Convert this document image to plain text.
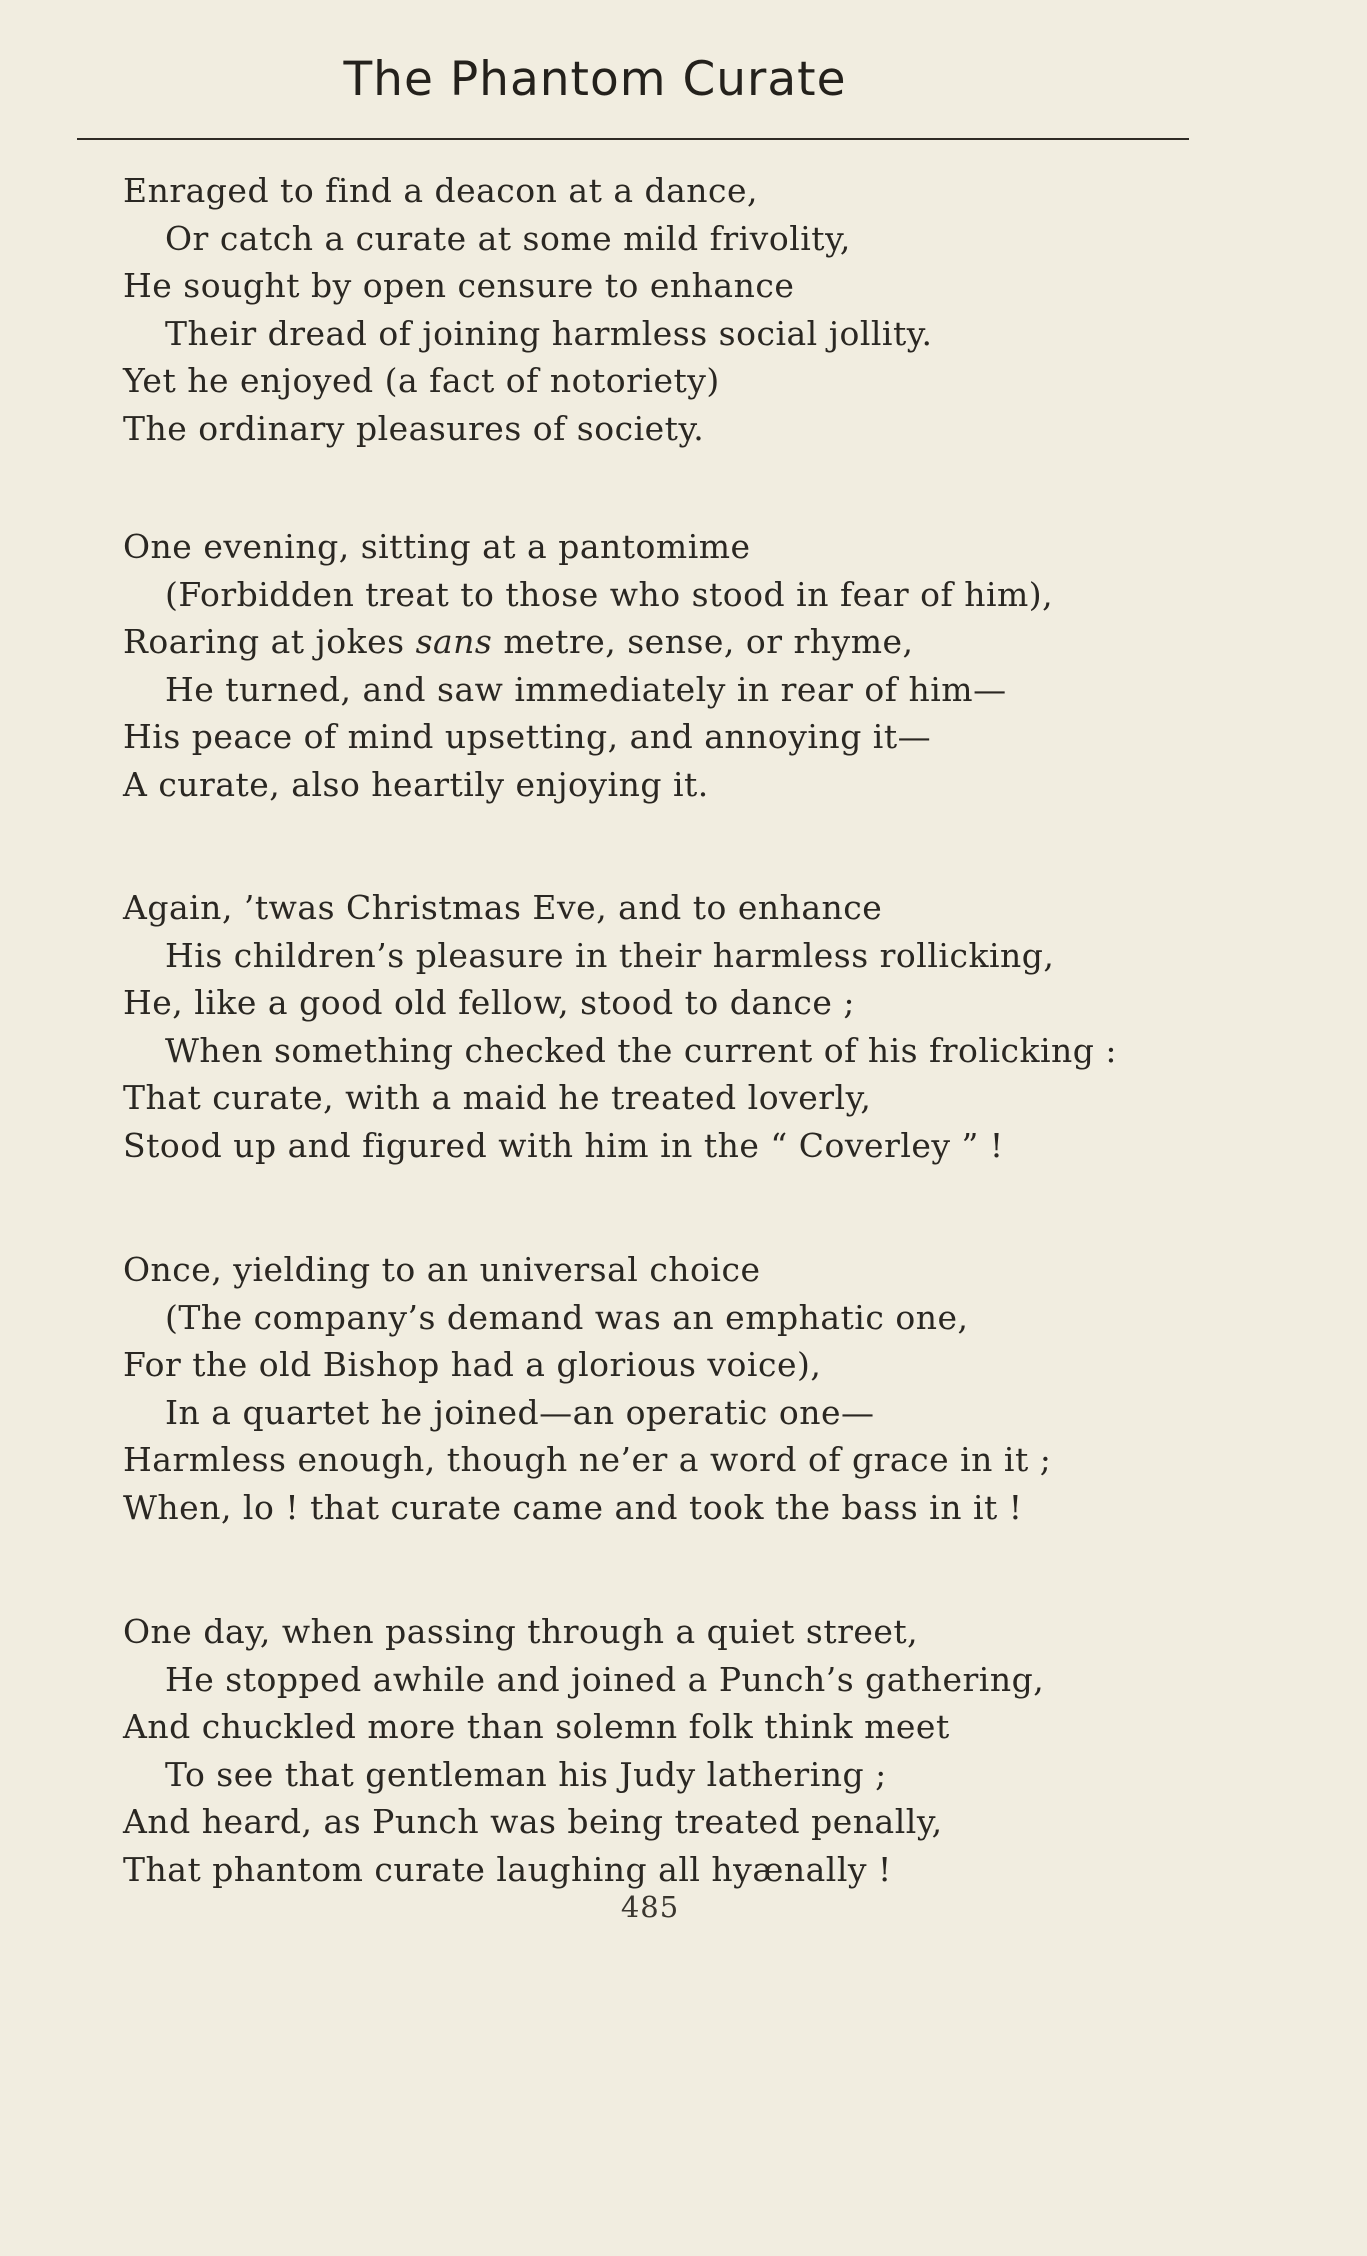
The Phantom Curate
Enraged to find a deacon at a dance,
Or catch a curate at some mild frivolity,
He sought by open censure to enhance
Their dread of joining harmless social jollity.
Yet he enjoyed (a fact of notoriety)
The ordinary pleasures of society.
One evening, sitting at a pantomime
(Forbidden treat to those who stood in fear of him),
Roaring at jokes sans metre, sense, or rhyme,
He turned, and saw immediately in rear of him—
His peace of mind upsetting, and annoying it—
A curate, also heartily enjoying it.
Again, ’twas Christmas Eve, and to enhance
His children’s pleasure in their harmless rollicking,
He, like a good old fellow, stood to dance ;
When something checked the current of his frolicking :
That curate, with a maid he treated loverly,
Stood up and figured with him in the “ Coverley ” !
Once, yielding to an universal choice
(The company’s demand was an emphatic one,
For the old Bishop had a glorious voice),
In a quartet he joined—an operatic one—
Harmless enough, though ne’er a word of grace in it ;
When, lo ! that curate came and took the bass in it !
One day, when passing through a quiet street,
He stopped awhile and joined a Punch’s gathering,
And chuckled more than solemn folk think meet
To see that gentleman his Judy lathering ;
And heard, as Punch was being treated penally,
That phantom curate laughing all hyænally !
485
